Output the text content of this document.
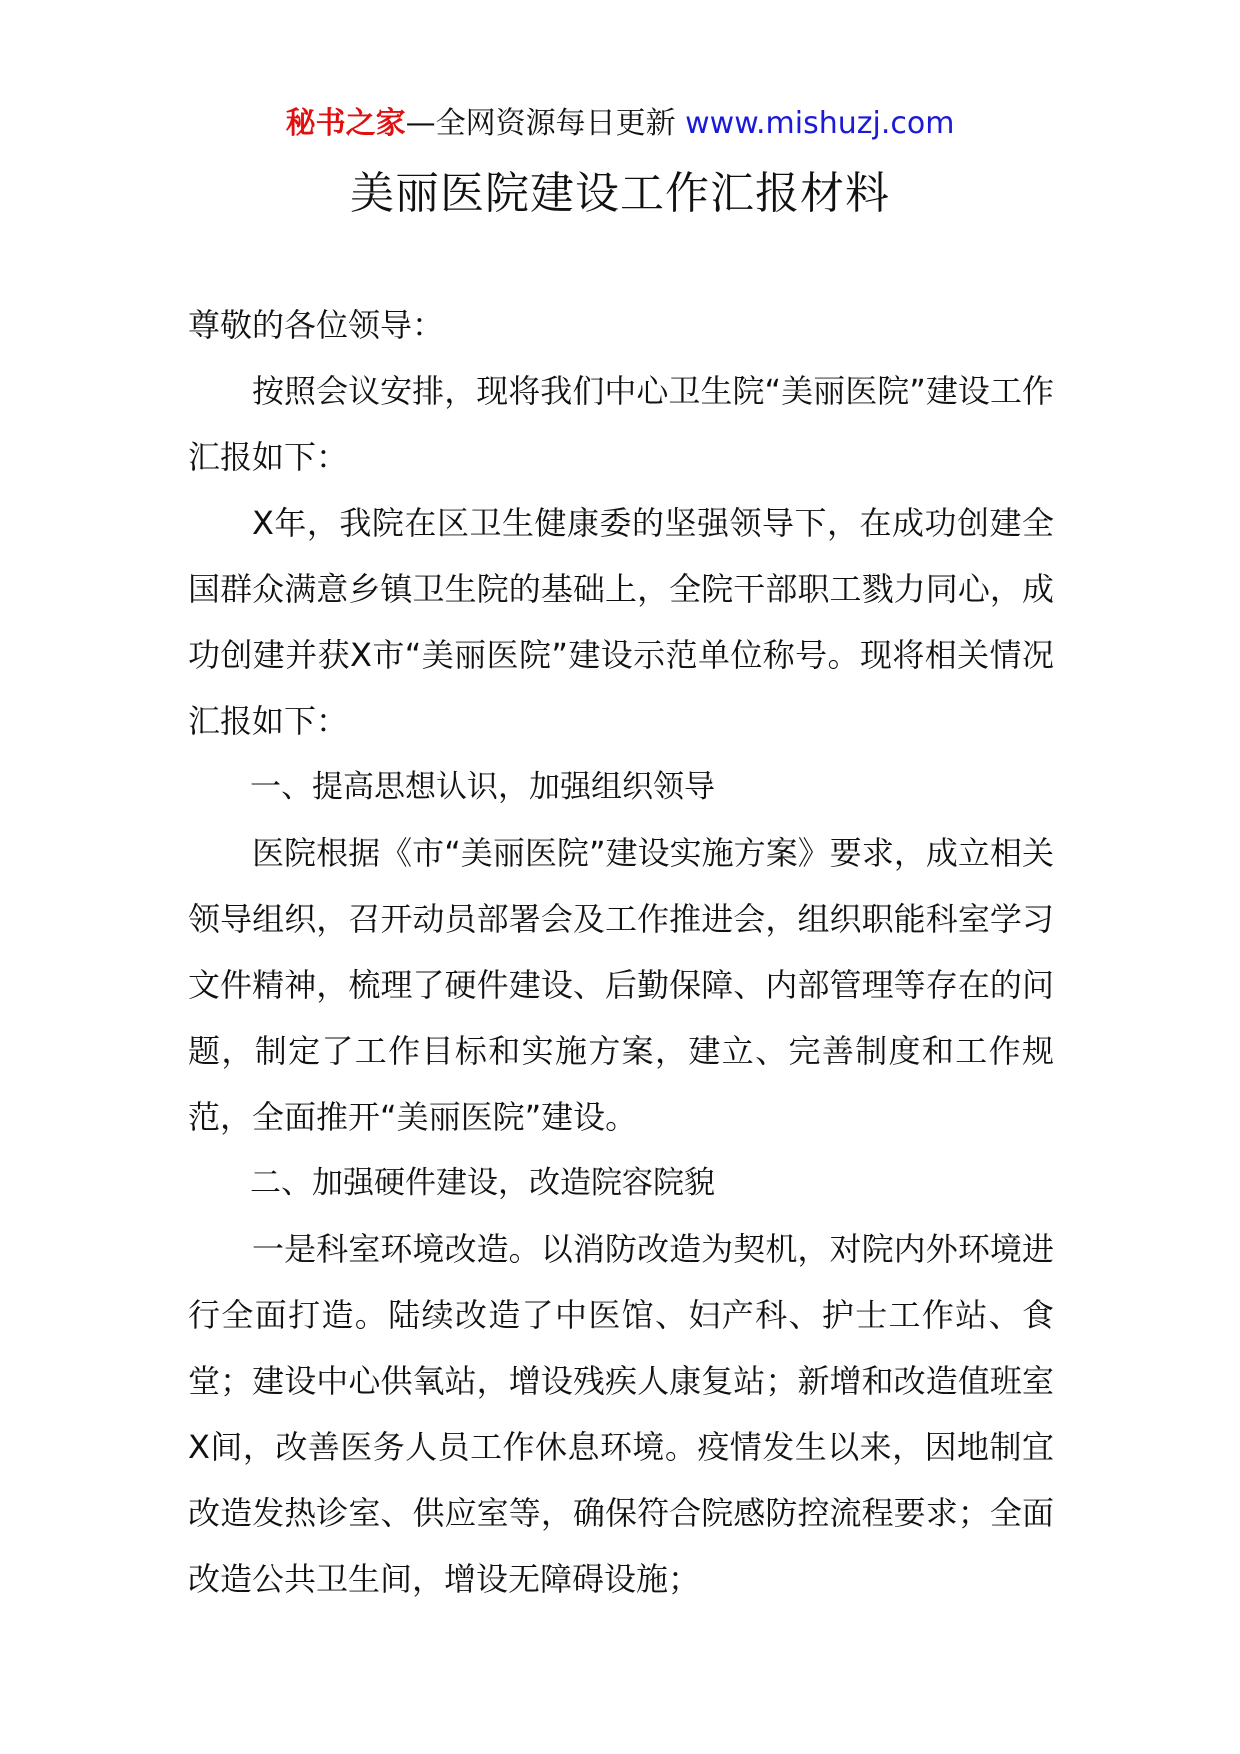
秘书之家—全网资源每日更新 www.mishuzj.com
美丽医院建设工作汇报材料

尊敬的各位领导：

按照会议安排，现将我们中心卫生院“美丽医院”建设工作汇报如下：

X年，我院在区卫生健康委的坚强领导下，在成功创建全国群众满意乡镇卫生院的基础上，全院干部职工戮力同心，成功创建并获X市“美丽医院”建设示范单位称号。现将相关情况汇报如下：

一、提高思想认识，加强组织领导

医院根据《市“美丽医院”建设实施方案》要求，成立相关领导组织，召开动员部署会及工作推进会，组织职能科室学习文件精神，梳理了硬件建设、后勤保障、内部管理等存在的问题，制定了工作目标和实施方案，建立、完善制度和工作规范，全面推开“美丽医院”建设。

二、加强硬件建设，改造院容院貌

一是科室环境改造。以消防改造为契机，对院内外环境进行全面打造。陆续改造了中医馆、妇产科、护士工作站、食堂；建设中心供氧站，增设残疾人康复站；新增和改造值班室X间，改善医务人员工作休息环境。疫情发生以来，因地制宜改造发热诊室、供应室等，确保符合院感防控流程要求；全面改造公共卫生间，增设无障碍设施；
